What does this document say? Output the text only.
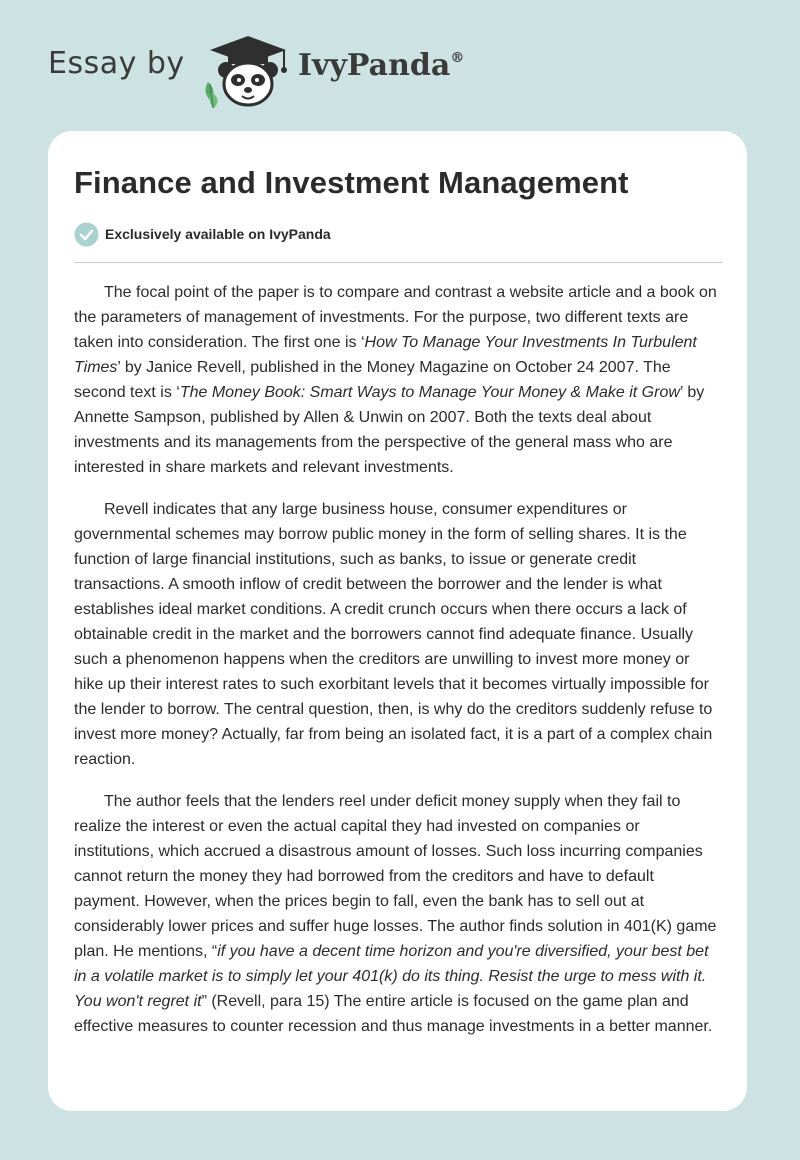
Essay by	IvyPanda®
Finance and Investment Management
Exclusively available on IvyPanda

The focal point of the paper is to compare and contrast a website article and a book on the parameters of management of investments. For the purpose, two different texts are taken into consideration. The first one is ‘How To Manage Your Investments In Turbulent Times’ by Janice Revell, published in the Money Magazine on October 24 2007. The second text is ‘The Money Book: Smart Ways to Manage Your Money & Make it Grow’ by Annette Sampson, published by Allen & Unwin on 2007. Both the texts deal about investments and its managements from the perspective of the general mass who are interested in share markets and relevant investments.

Revell indicates that any large business house, consumer expenditures or governmental schemes may borrow public money in the form of selling shares. It is the function of large financial institutions, such as banks, to issue or generate credit transactions. A smooth inflow of credit between the borrower and the lender is what establishes ideal market conditions. A credit crunch occurs when there occurs a lack of obtainable credit in the market and the borrowers cannot find adequate finance. Usually such a phenomenon happens when the creditors are unwilling to invest more money or hike up their interest rates to such exorbitant levels that it becomes virtually impossible for the lender to borrow. The central question, then, is why do the creditors suddenly refuse to invest more money? Actually, far from being an isolated fact, it is a part of a complex chain reaction.

The author feels that the lenders reel under deficit money supply when they fail to realize the interest or even the actual capital they had invested on companies or institutions, which accrued a disastrous amount of losses. Such loss incurring companies cannot return the money they had borrowed from the creditors and have to default payment. However, when the prices begin to fall, even the bank has to sell out at considerably lower prices and suffer huge losses. The author finds solution in 401(K) game plan. He mentions, “if you have a decent time horizon and you're diversified, your best bet in a volatile market is to simply let your 401(k) do its thing. Resist the urge to mess with it. You won't regret it” (Revell, para 15) The entire article is focused on the game plan and effective measures to counter recession and thus manage investments in a better manner.
